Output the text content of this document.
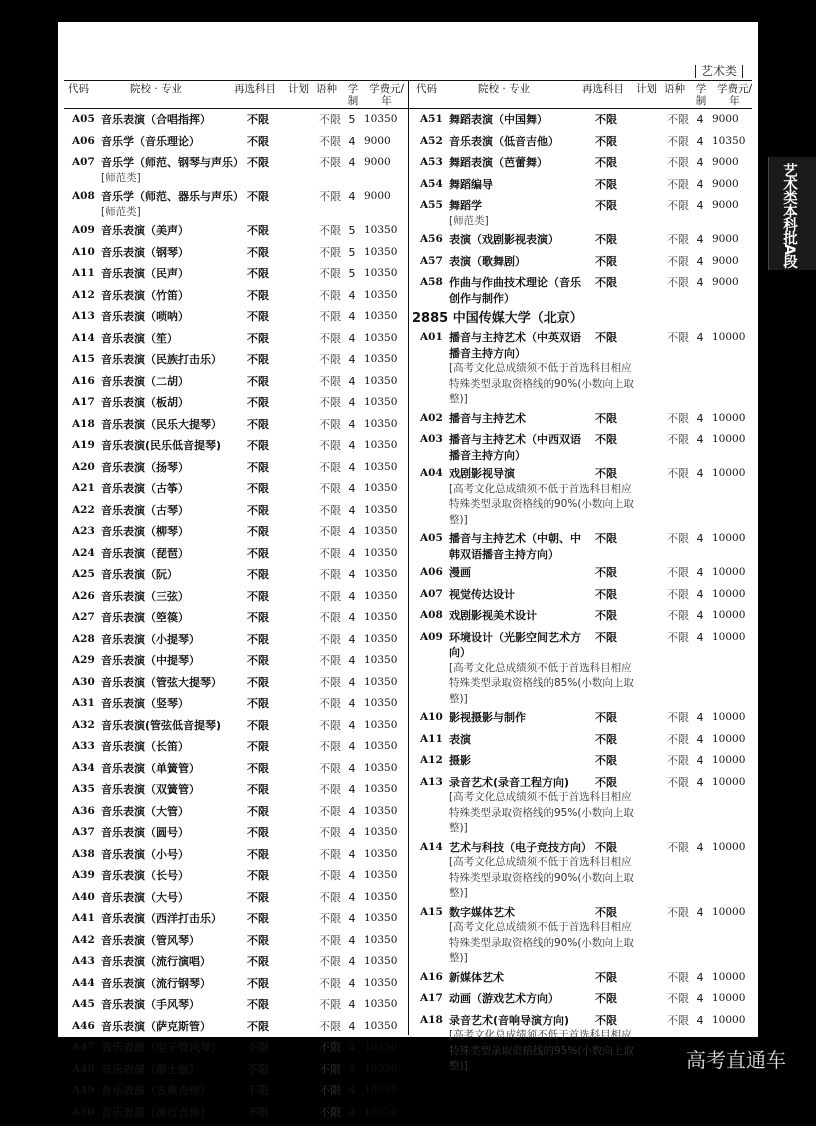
艺术类
代码	院校 · 专业	再选科目 计划 语种 学制
学费元/年
A05 音乐表演（合唱指挥）	不限	不限 5 10350
A06 音乐学（音乐理论）	不限	不限 4 9000
A07 音乐学（师范、钢琴与声乐） 不限	不限 4 9000
[师范类]
A08 音乐学（师范、器乐与声乐） 不限	不限 4 9000
[师范类]
A09 音乐表演（美声）	不限	不限 5 10350
A10 音乐表演（钢琴）	不限	不限 5 10350
A11 音乐表演（民声）	不限	不限 5 10350
A12 音乐表演（竹笛）	不限	不限 4 10350
A13 音乐表演（唢呐）	不限	不限 4 10350
A14 音乐表演（笙）	不限	不限 4 10350
A15 音乐表演（民族打击乐）	不限	不限 4 10350
A16 音乐表演（二胡）	不限	不限 4 10350
A17 音乐表演（板胡）	不限	不限 4 10350
A18 音乐表演（民乐大提琴）	不限	不限 4 10350
A19 音乐表演(民乐低音提琴)	不限	不限 4 10350
A20 音乐表演（扬琴）	不限	不限 4 10350
A21 音乐表演（古筝）	不限	不限 4 10350
A22 音乐表演（古琴）	不限	不限 4 10350
A23 音乐表演（柳琴）	不限	不限 4 10350
A24 音乐表演（琵琶）	不限	不限 4 10350
A25 音乐表演（阮）	不限	不限 4 10350
A26 音乐表演（三弦）	不限	不限 4 10350
A27 音乐表演（箜篌）	不限	不限 4 10350
A28 音乐表演（小提琴）	不限	不限 4 10350
A29 音乐表演（中提琴）	不限	不限 4 10350
A30 音乐表演（管弦大提琴）	不限	不限 4 10350
A31 音乐表演（竖琴）	不限	不限 4 10350
A32 音乐表演(管弦低音提琴)	不限	不限 4 10350
A33 音乐表演（长笛）	不限	不限 4 10350
A34 音乐表演（单簧管）	不限	不限 4 10350
A35 音乐表演（双簧管）	不限	不限 4 10350
A36 音乐表演（大管）	不限	不限 4 10350
A37 音乐表演（圆号）	不限	不限 4 10350
A38 音乐表演（小号）	不限	不限 4 10350
A39 音乐表演（长号）	不限	不限 4 10350
A40 音乐表演（大号）	不限	不限 4 10350
A41 音乐表演（西洋打击乐）	不限	不限 4 10350
A42 音乐表演（管风琴）	不限	不限 4 10350
A43 音乐表演（流行演唱）	不限	不限 4 10350
A44 音乐表演（流行钢琴）	不限	不限 4 10350
A45 音乐表演（手风琴）	不限	不限 4 10350
A46 音乐表演（萨克斯管）	不限	不限 4 10350
A47 音乐表演（电子管风琴）	不限	不限 4 10350
A48 音乐表演（爵士鼓）	不限	不限 4 10350
A49 音乐表演（古典吉他）	不限	不限 4 10350
A50 音乐表演（流行吉他）	不限	不限 4 10350
代码	院校 · 专业	再选科目 计划 语种 学制
学费元/年
A51 舞蹈表演（中国舞）	不限	不限 4 9000
A52 音乐表演（低音吉他）	不限	不限 4 10350
A53 舞蹈表演（芭蕾舞）	不限	不限 4 9000
A54 舞蹈编导	不限	不限 4 9000
A55 舞蹈学	不限	不限 4 9000
[师范类]
A56 表演（戏剧影视表演）	不限	不限 4 9000
A57 表演（歌舞剧）	不限	不限 4 9000
A58 作曲与作曲技术理论（音乐创作与制作）
不限	不限 4 9000
2885 中国传媒大学（北京）
A01 播音与主持艺术（中英双语播音主持方向）
不限	不限 4 10000
[高考文化总成绩须不低于首选科目相应特殊类型录取资格线的90%(小数向上取整)]
A02 播音与主持艺术	不限	不限 4 10000
A03 播音与主持艺术（中西双语播音主持方向）
不限	不限 4 10000
A04 戏剧影视导演	不限	不限 4 10000
[高考文化总成绩须不低于首选科目相应特殊类型录取资格线的90%(小数向上取整)]
A05 播音与主持艺术（中朝、中韩双语播音主持方向）
不限	不限 4 10000
A06 漫画	不限	不限 4 10000
A07 视觉传达设计	不限	不限 4 10000
A08 戏剧影视美术设计	不限	不限 4 10000
A09 环境设计（光影空间艺术方向）
不限	不限 4 10000
[高考文化总成绩须不低于首选科目相应特殊类型录取资格线的85%(小数向上取整)]
A10 影视摄影与制作	不限	不限 4 10000
A11 表演	不限	不限 4 10000
A12 摄影	不限	不限 4 10000
A13 录音艺术(录音工程方向)	不限	不限 4 10000
[高考文化总成绩须不低于首选科目相应特殊类型录取资格线的95%(小数向上取整)]
A14 艺术与科技（电子竞技方向） 不限	不限 4 10000
[高考文化总成绩须不低于首选科目相应特殊类型录取资格线的90%(小数向上取整)]
A15 数字媒体艺术	不限	不限 4 10000
[高考文化总成绩须不低于首选科目相应特殊类型录取资格线的90%(小数向上取整)]
A16 新媒体艺术	不限	不限 4 10000
A17 动画（游戏艺术方向）	不限	不限 4 10000
A18 录音艺术(音响导演方向)	不限	不限 4 10000
[高考文化总成绩须不低于首选科目相应特殊类型录取资格线的95%(小数向上取整)]
艺术类本科批A段
高考直通车
